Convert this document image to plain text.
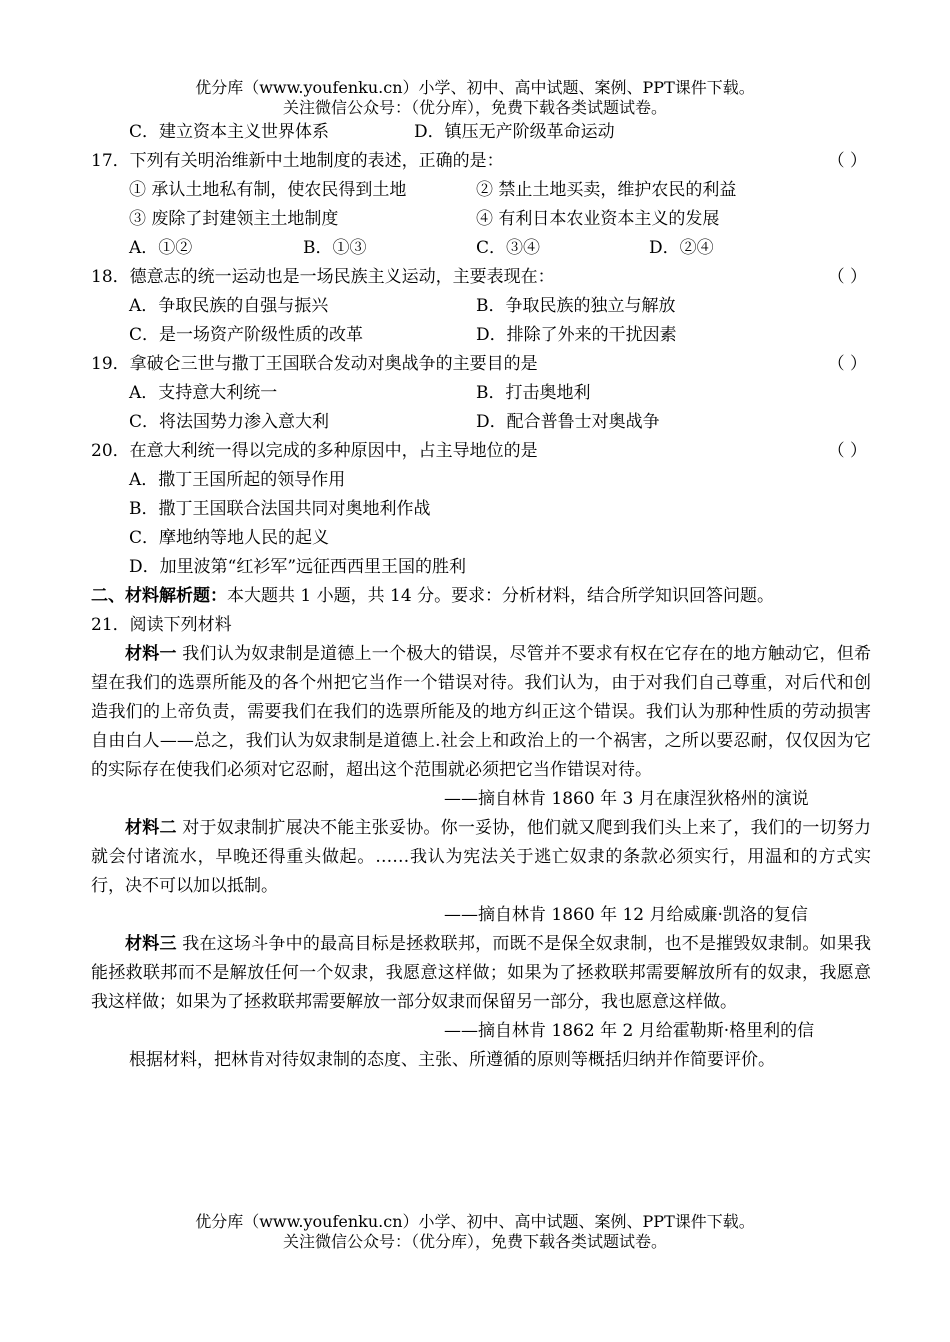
优分库（www.youfenku.cn）小学、初中、高中试题、案例、PPT课件下载。
关注微信公众号：（优分库），免费下载各类试题试卷。
C．建立资本主义世界体系	D．镇压无产阶级革命运动
17．下列有关明治维新中土地制度的表述，正确的是：	（ ）
① 承认土地私有制，使农民得到土地	② 禁止土地买卖，维护农民的利益
③ 废除了封建领主土地制度	④ 有利日本农业资本主义的发展
A．①②	B．①③	C．③④	D．②④
18．德意志的统一运动也是一场民族主义运动，主要表现在：	（ ）
A．争取民族的自强与振兴	B．争取民族的独立与解放
C．是一场资产阶级性质的改革	D．排除了外来的干扰因素
19．拿破仑三世与撒丁王国联合发动对奥战争的主要目的是	（ ）
A．支持意大利统一	B．打击奥地利
C．将法国势力渗入意大利	D．配合普鲁士对奥战争
20．在意大利统一得以完成的多种原因中，占主导地位的是	（ ）
A．撒丁王国所起的领导作用
B．撒丁王国联合法国共同对奥地利作战
C．摩地纳等地人民的起义
D．加里波第“红衫军”远征西西里王国的胜利
二、材料解析题：本大题共 1 小题，共 14 分。要求：分析材料，结合所学知识回答问题。
21．阅读下列材料
材料一 我们认为奴隶制是道德上一个极大的错误，尽管并不要求有权在它存在的地方触动它，但希望在我们的选票所能及的各个州把它当作一个错误对待。我们认为，由于对我们自己尊重，对后代和创造我们的上帝负责，需要我们在我们的选票所能及的地方纠正这个错误。我们认为那种性质的劳动损害自由白人——总之，我们认为奴隶制是道德上.社会上和政治上的一个祸害，之所以要忍耐，仅仅因为它的实际存在使我们必须对它忍耐，超出这个范围就必须把它当作错误对待。
——摘自林肯 1860 年 3 月在康涅狄格州的演说
材料二 对于奴隶制扩展决不能主张妥协。你一妥协，他们就又爬到我们头上来了，我们的一切努力就会付诸流水，早晚还得重头做起。……我认为宪法关于逃亡奴隶的条款必须实行，用温和的方式实行，决不可以加以抵制。
——摘自林肯 1860 年 12 月给威廉·凯洛的复信
材料三 我在这场斗争中的最高目标是拯救联邦，而既不是保全奴隶制，也不是摧毁奴隶制。如果我能拯救联邦而不是解放任何一个奴隶，我愿意这样做；如果为了拯救联邦需要解放所有的奴隶，我愿意我这样做；如果为了拯救联邦需要解放一部分奴隶而保留另一部分，我也愿意这样做。
——摘自林肯 1862 年 2 月给霍勒斯·格里利的信
根据材料，把林肯对待奴隶制的态度、主张、所遵循的原则等概括归纳并作简要评价。
优分库（www.youfenku.cn）小学、初中、高中试题、案例、PPT课件下载。
关注微信公众号：（优分库），免费下载各类试题试卷。
